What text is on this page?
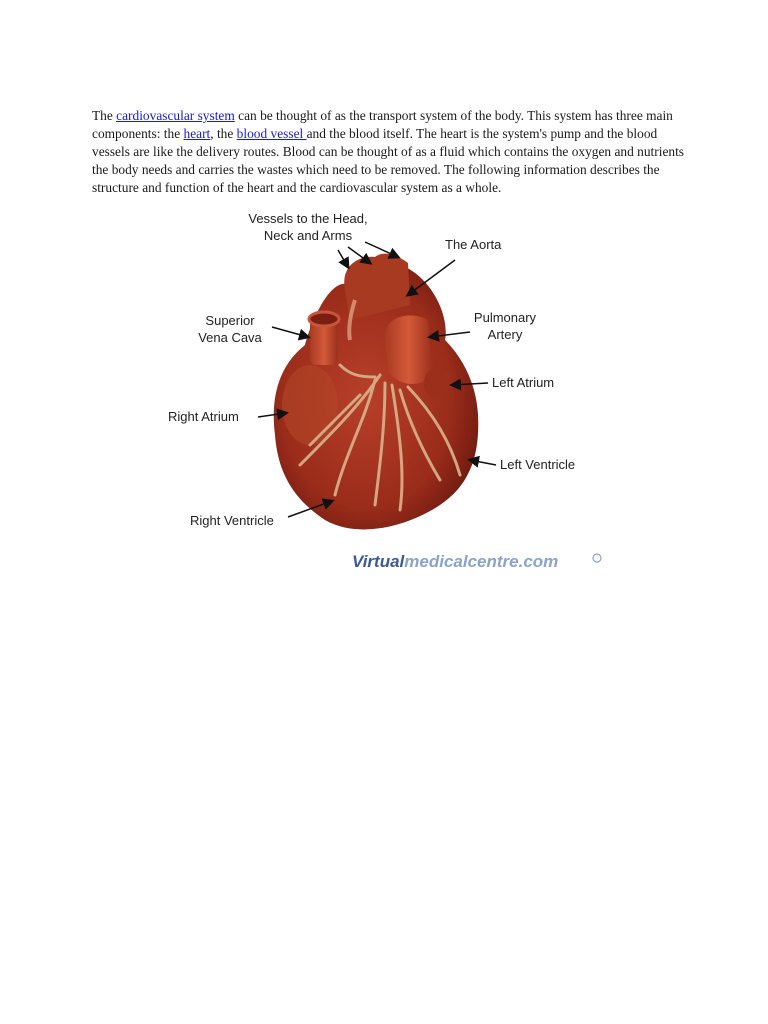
The cardiovascular system can be thought of as the transport system of the body. This system has three main components: the heart, the blood vessel and the blood itself. The heart is the system's pump and the blood vessels are like the delivery routes. Blood can be thought of as a fluid which contains the oxygen and nutrients the body needs and carries the wastes which need to be removed. The following information describes the structure and function of the heart and the cardiovascular system as a whole.

Vessels to the Head,
Neck and Arms
The Aorta
Superior
Vena Cava
Pulmonary
Artery
Left Atrium
Right Atrium
Left Ventricle
Right Ventricle
Virtualmedicalcentre.com
